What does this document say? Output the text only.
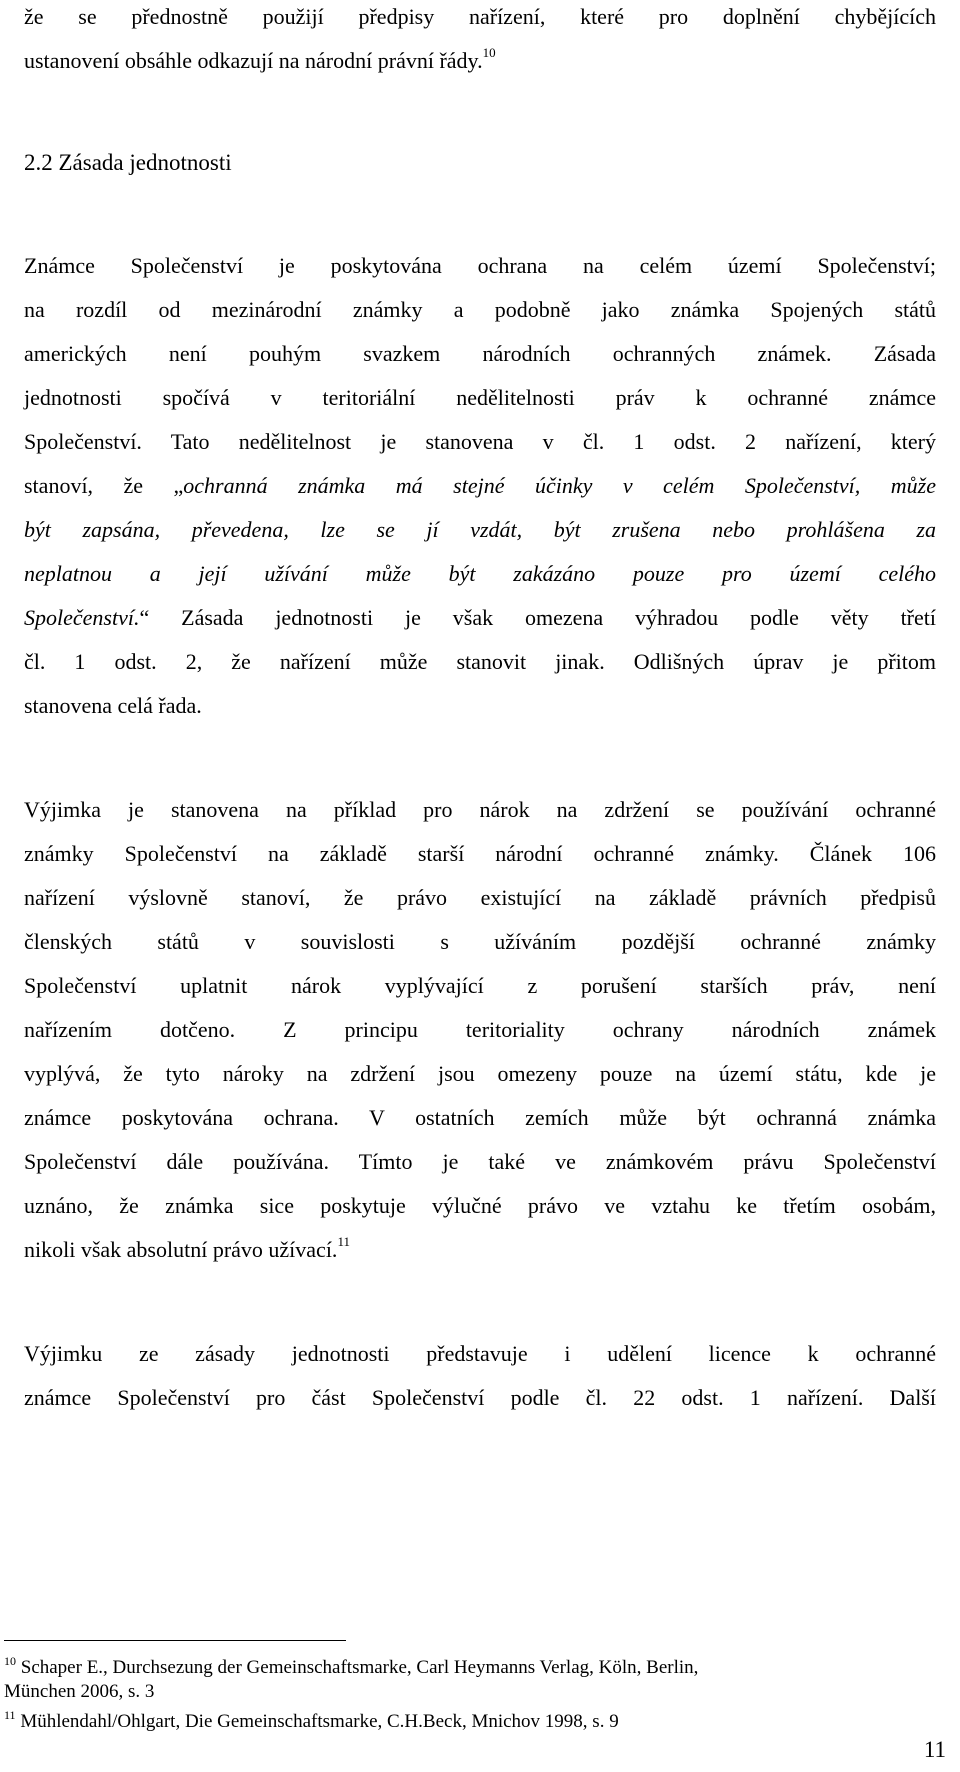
že se přednostně použijí předpisy nařízení, které pro doplnění chybějících
ustanovení obsáhle odkazují na národní právní řády.$^{10}$
2.2 Zásada jednotnosti
Známce Společenství je poskytována ochrana na celém území Společenství;
na rozdíl od mezinárodní známky a podobně jako známka Spojených států
amerických není pouhým svazkem národních ochranných známek. Zásada
jednotnosti spočívá v teritoriální nedělitelnosti práv k ochranné známce
Společenství. Tato nedělitelnost je stanovena v čl. 1 odst. 2 nařízení, který
stanoví, že „ochranná známka má stejné účinky v celém Společenství, může
být zapsána, převedena, lze se jí vzdát, být zrušena nebo prohlášena za
neplatnou a její užívání může být zakázáno pouze pro území celého
Společenství.“ Zásada jednotnosti je však omezena výhradou podle věty třetí
čl. 1 odst. 2, že nařízení může stanovit jinak. Odlišných úprav je přitom
stanovena celá řada.
Výjimka je stanovena na příklad pro nárok na zdržení se používání ochranné
známky Společenství na základě starší národní ochranné známky. Článek 106
nařízení výslovně stanoví, že právo existující na základě právních předpisů
členských států v souvislosti s užíváním pozdější ochranné známky
Společenství uplatnit nárok vyplývající z porušení starších práv, není
nařízením dotčeno. Z principu teritoriality ochrany národních známek
vyplývá, že tyto nároky na zdržení jsou omezeny pouze na území státu, kde je
známce poskytována ochrana. V ostatních zemích může být ochranná známka
Společenství dále používána. Tímto je také ve známkovém právu Společenství
uznáno, že známka sice poskytuje výlučné právo ve vztahu ke třetím osobám,
nikoli však absolutní právo užívací.$^{11}$
Výjimku ze zásady jednotnosti představuje i udělení licence k ochranné
známce Společenství pro část Společenství podle čl. 22 odst. 1 nařízení. Další
$^{10}$ Schaper E., Durchsezung der Gemeinschaftsmarke, Carl Heymanns Verlag, Köln, Berlin,
München 2006, s. 3
$^{11}$ Mühlendahl/Ohlgart, Die Gemeinschaftsmarke, C.H.Beck, Mnichov 1998, s. 9
11
